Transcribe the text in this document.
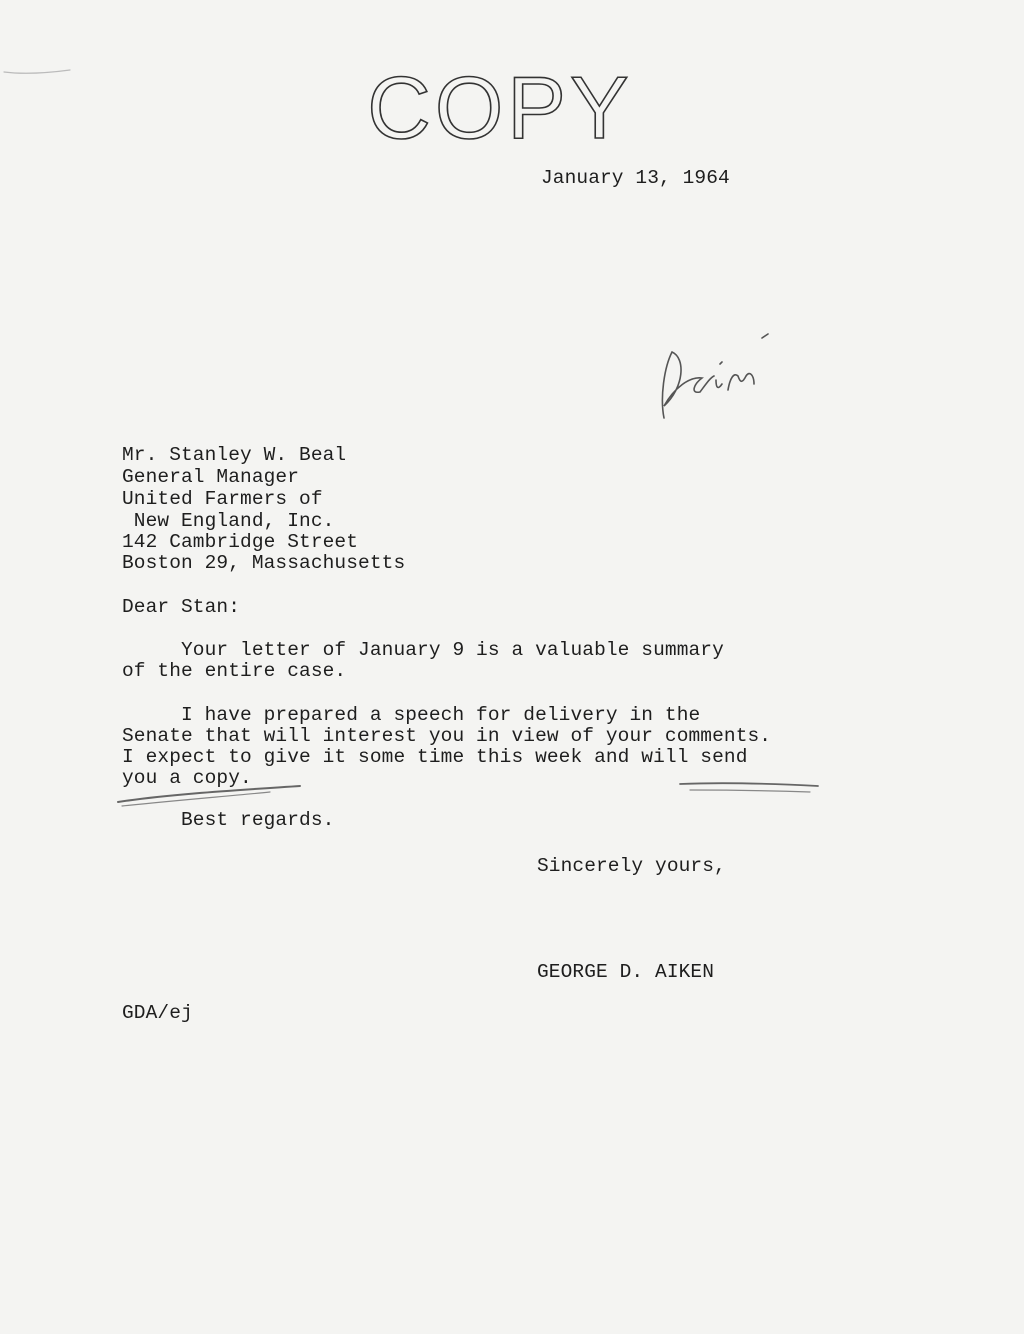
COPY
January 13, 1964
Dairy
Mr. Stanley W. Beal
General Manager
United Farmers of
New England, Inc.
142 Cambridge Street
Boston 29, Massachusetts
Dear Stan:
Your letter of January 9 is a valuable summary
of the entire case.
I have prepared a speech for delivery in the
Senate that will interest you in view of your comments.
I expect to give it some time this week and will send
you a copy.
Best regards.
Sincerely yours,
GEORGE D. AIKEN
GDA/ej
